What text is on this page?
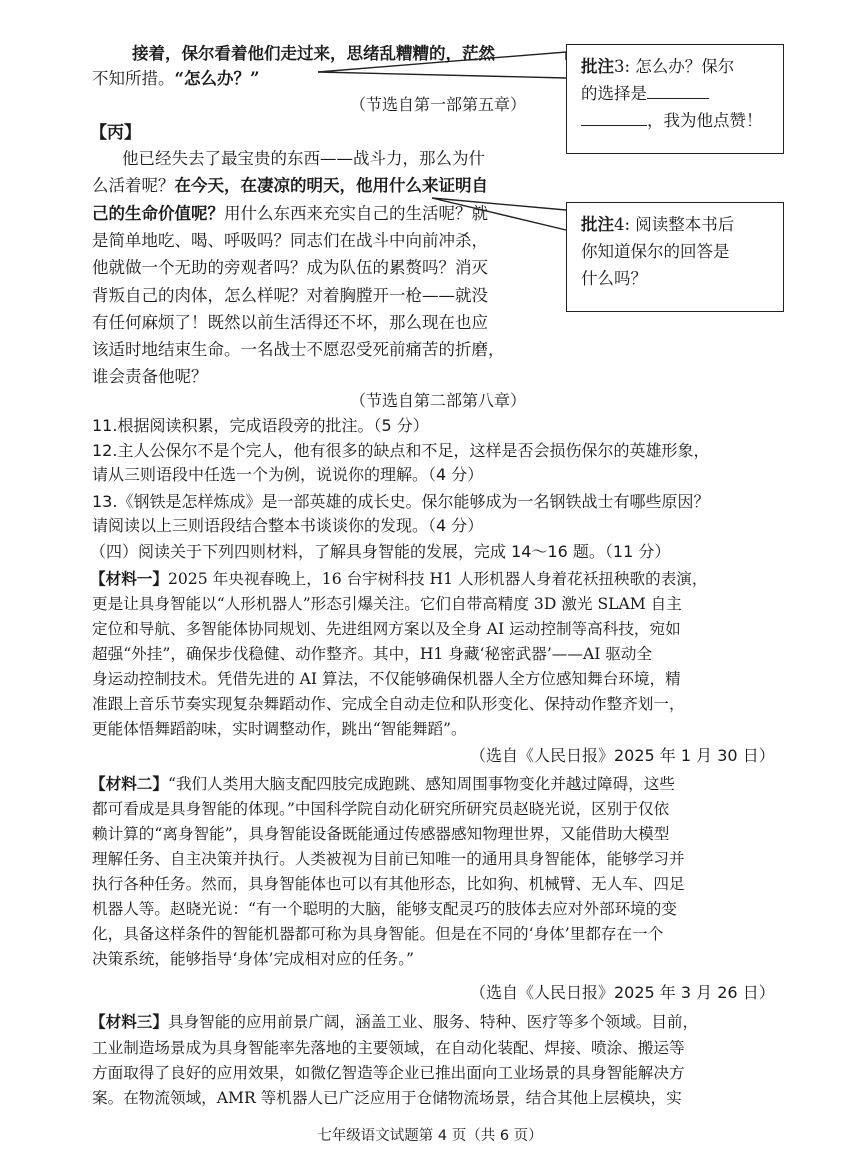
接着，保尔看着他们走过来，思绪乱糟糟的，茫然
不知所措。“怎么办？”
（节选自第一部第五章）
批注3: 怎么办？保尔
的选择是
，我为他点赞！
批注4: 阅读整本书后
你知道保尔的回答是
什么吗？
【丙】
他已经失去了最宝贵的东西——战斗力，那么为什
么活着呢？在今天，在凄凉的明天，他用什么来证明自
己的生命价值呢？用什么东西来充实自己的生活呢？就
是简单地吃、喝、呼吸吗？同志们在战斗中向前冲杀，
他就做一个无助的旁观者吗？成为队伍的累赘吗？消灭
背叛自己的肉体，怎么样呢？对着胸膛开一枪——就没
有任何麻烦了！既然以前生活得还不坏，那么现在也应
该适时地结束生命。一名战士不愿忍受死前痛苦的折磨，
谁会责备他呢？
（节选自第二部第八章）
11.根据阅读积累，完成语段旁的批注。（5 分）
12.主人公保尔不是个完人，他有很多的缺点和不足，这样是否会损伤保尔的英雄形象，
请从三则语段中任选一个为例，说说你的理解。（4 分）
13.《钢铁是怎样炼成》是一部英雄的成长史。保尔能够成为一名钢铁战士有哪些原因？
请阅读以上三则语段结合整本书谈谈你的发现。（4 分）
（四）阅读关于下列四则材料，了解具身智能的发展，完成 14～16 题。（11 分）
【材料一】2025 年央视春晚上，16 台宇树科技 H1 人形机器人身着花袄扭秧歌的表演，
更是让具身智能以“人形机器人”形态引爆关注。它们自带高精度 3D 激光 SLAM 自主
定位和导航、多智能体协同规划、先进组网方案以及全身 AI 运动控制等高科技，宛如
超强“外挂”，确保步伐稳健、动作整齐。其中，H1 身藏‘秘密武器’——AI 驱动全
身运动控制技术。凭借先进的 AI 算法，不仅能够确保机器人全方位感知舞台环境，精
准跟上音乐节奏实现复杂舞蹈动作、完成全自动走位和队形变化、保持动作整齐划一，
更能体悟舞蹈韵味，实时调整动作，跳出“智能舞蹈”。
（选自《人民日报》2025 年 1 月 30 日）
【材料二】“我们人类用大脑支配四肢完成跑跳、感知周围事物变化并越过障碍，这些
都可看成是具身智能的体现。”中国科学院自动化研究所研究员赵晓光说，区别于仅依
赖计算的“离身智能”，具身智能设备既能通过传感器感知物理世界，又能借助大模型
理解任务、自主决策并执行。人类被视为目前已知唯一的通用具身智能体，能够学习并
执行各种任务。然而，具身智能体也可以有其他形态，比如狗、机械臂、无人车、四足
机器人等。赵晓光说：“有一个聪明的大脑，能够支配灵巧的肢体去应对外部环境的变
化，具备这样条件的智能机器都可称为具身智能。但是在不同的‘身体’里都存在一个
决策系统，能够指导‘身体’完成相对应的任务。”
（选自《人民日报》2025 年 3 月 26 日）
【材料三】具身智能的应用前景广阔，涵盖工业、服务、特种、医疗等多个领域。目前，
工业制造场景成为具身智能率先落地的主要领域，在自动化装配、焊接、喷涂、搬运等
方面取得了良好的应用效果，如微亿智造等企业已推出面向工业场景的具身智能解决方
案。在物流领域，AMR 等机器人已广泛应用于仓储物流场景，结合其他上层模块，实
七年级语文试题第 4 页（共 6 页）
